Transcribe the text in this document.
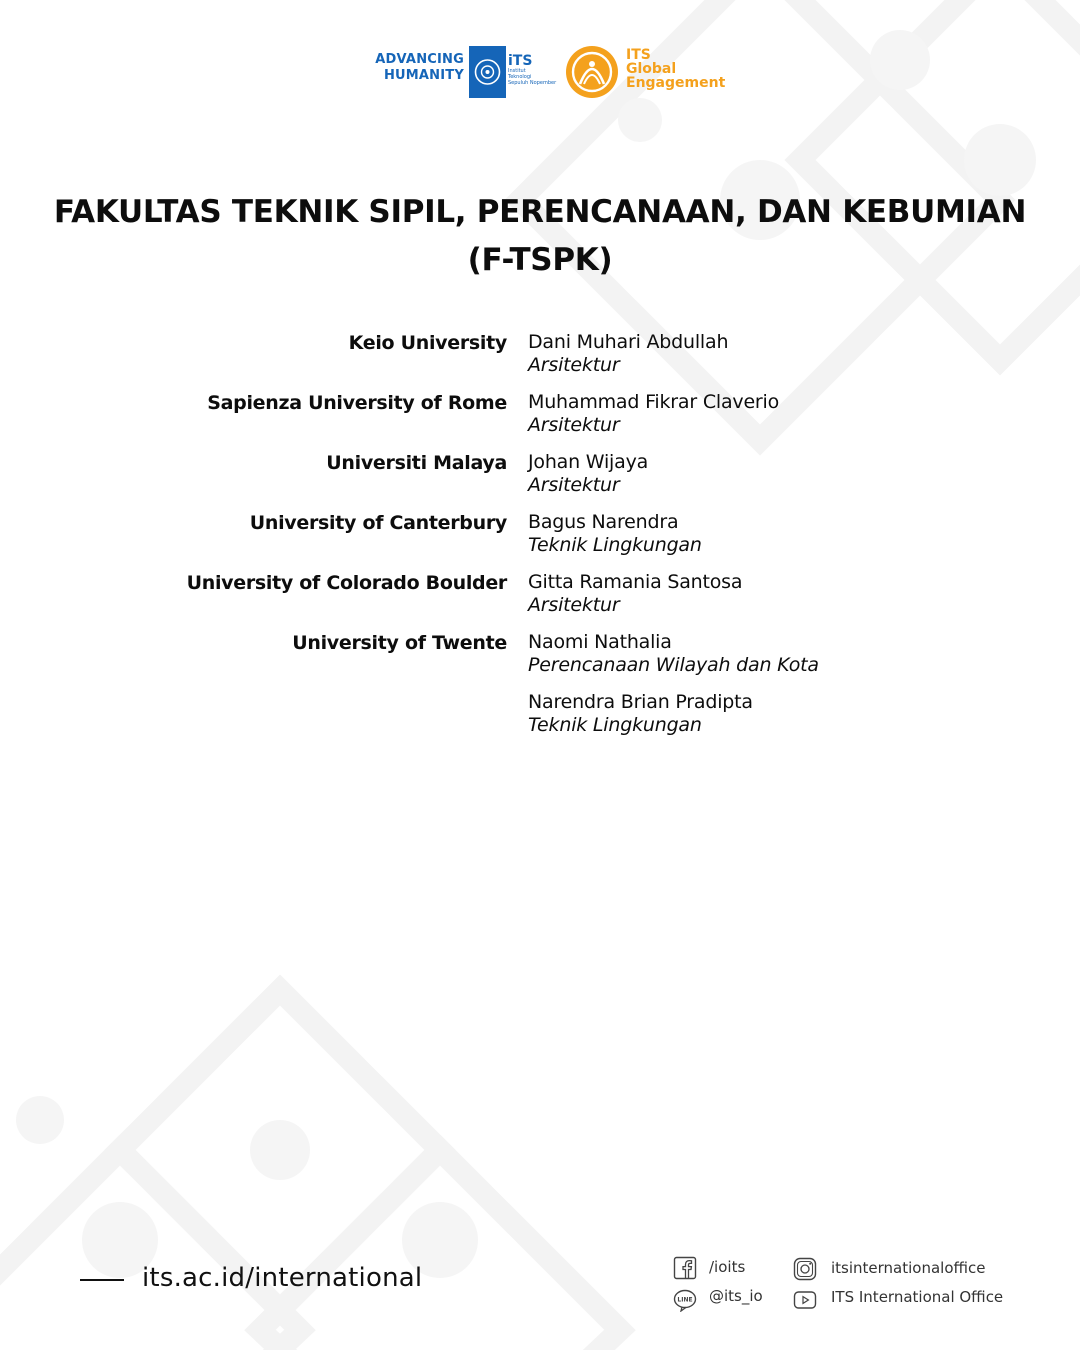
ADVANCING
HUMANITY
iTS
Institut
Teknologi
Sepuluh Nopember
ITS
Global
Engagement
FAKULTAS TEKNIK SIPIL, PERENCANAAN, DAN KEBUMIAN
(F-TSPK)
Keio University Dani Muhari Abdullah
Arsitektur
Sapienza University of Rome Muhammad Fikrar Claverio
Arsitektur
Universiti Malaya Johan Wijaya
Arsitektur
University of Canterbury Bagus Narendra
Teknik Lingkungan
University of Colorado Boulder Gitta Ramania Santosa
Arsitektur
University of Twente Naomi Nathalia
Perencanaan Wilayah dan Kota
Narendra Brian Pradipta
Teknik Lingkungan
its.ac.id/international	/ioits
LINE @its_io
itsinternationaloffice
ITS International Office
